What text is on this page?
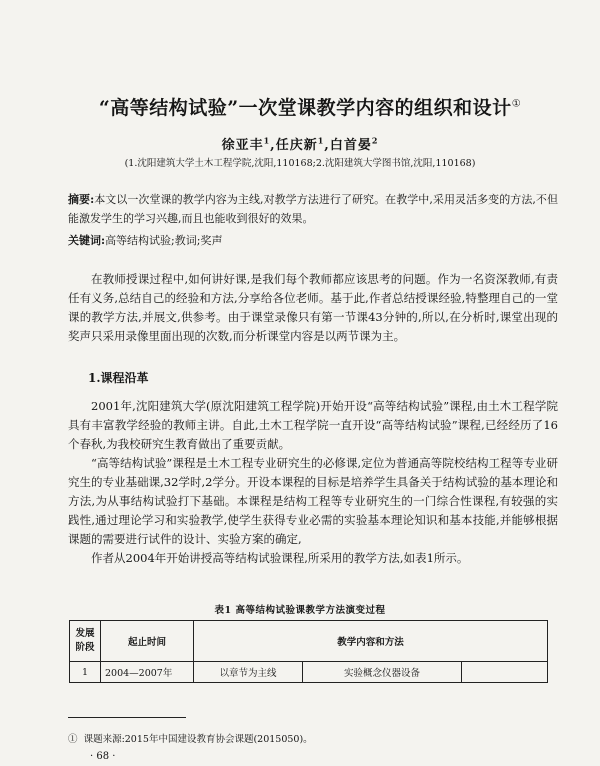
“高等结构试验”一次堂课教学内容的组织和设计①
徐亚丰$^1$,任庆新$^1$,白首晏$^2$
(1.沈阳建筑大学土木工程学院,沈阳,110168;2.沈阳建筑大学图书馆,沈阳,110168)
摘要:本文以一次堂课的教学内容为主线,对教学方法进行了研究。在教学中,采用灵活多变的方法,不但能激发学生的学习兴趣,而且也能收到很好的效果。
关键词:高等结构试验;教词;奖声

在教师授课过程中,如何讲好课,是我们每个教师都应该思考的问题。作为一名资深教师,有责任有义务,总结自己的经验和方法,分享给各位老师。基于此,作者总结授课经验,特整理自己的一堂课的教学方法,并展文,供参考。由于课堂录像只有第一节课43分钟的,所以,在分析时,课堂出现的奖声只采用录像里面出现的次数,而分析课堂内容是以两节课为主。

1.课程沿革

2001年,沈阳建筑大学(原沈阳建筑工程学院)开始开设“高等结构试验”课程,由土木工程学院具有丰富教学经验的教师主讲。自此,土木工程学院一直开设“高等结构试验”课程,已经经历了16个春秋,为我校研究生教育做出了重要贡献。

“高等结构试验”课程是土木工程专业研究生的必修课,定位为普通高等院校结构工程等专业研究生的专业基础课,32学时,2学分。开设本课程的目标是培养学生具备关于结构试验的基本理论和方法,为从事结构试验打下基础。本课程是结构工程等专业研究生的一门综合性课程,有较强的实践性,通过理论学习和实验教学,使学生获得专业必需的实验基本理论知识和基本技能,并能够根据课题的需要进行试件的设计、实验方案的确定,

作者从2004年开始讲授高等结构试验课程,所采用的教学方法,如表1所示。

表1 高等结构试验课教学方法演变过程
发展阶段	起止时间	教学内容和方法		
1	2004—2007年	以章节为主线	实验概念仪器设备	
① 课题来源:2015年中国建设教育协会课题(2015050)。
· 68 ·
